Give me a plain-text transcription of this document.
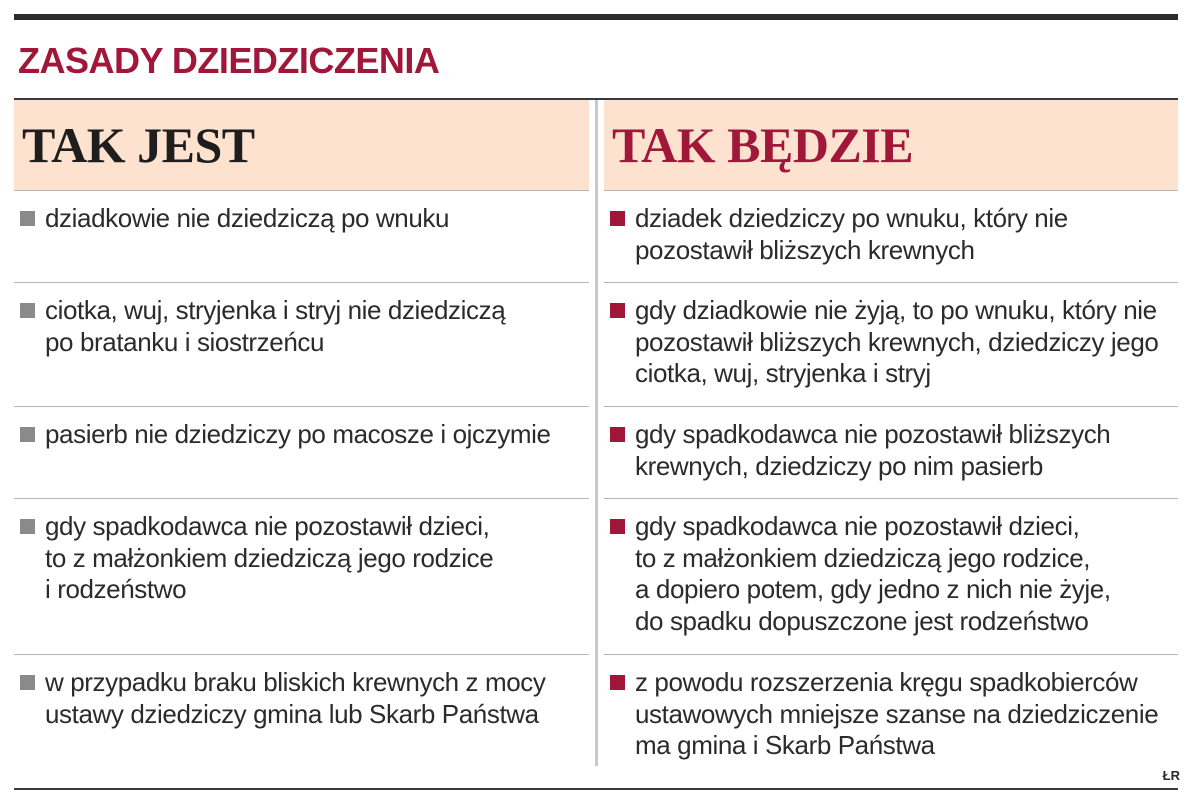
ZASADY DZIEDZICZENIA
TAK JEST
dziadkowie nie dziedziczą po wnuku
ciotka, wuj, stryjenka i stryj nie dziedziczą
po bratanku i siostrzeńcu
pasierb nie dziedziczy po macosze i ojczymie
gdy spadkodawca nie pozostawił dzieci,
to z małżonkiem dziedziczą jego rodzice
i rodzeństwo
w przypadku braku bliskich krewnych z mocy
ustawy dziedziczy gmina lub Skarb Państwa
TAK BĘDZIE
dziadek dziedziczy po wnuku, który nie
pozostawił bliższych krewnych
gdy dziadkowie nie żyją, to po wnuku, który nie
pozostawił bliższych krewnych, dziedziczy jego
ciotka, wuj, stryjenka i stryj
gdy spadkodawca nie pozostawił bliższych
krewnych, dziedziczy po nim pasierb
gdy spadkodawca nie pozostawił dzieci,
to z małżonkiem dziedziczą jego rodzice,
a dopiero potem, gdy jedno z nich nie żyje,
do spadku dopuszczone jest rodzeństwo
z powodu rozszerzenia kręgu spadkobierców
ustawowych mniejsze szanse na dziedziczenie
ma gmina i Skarb Państwa
ŁR
